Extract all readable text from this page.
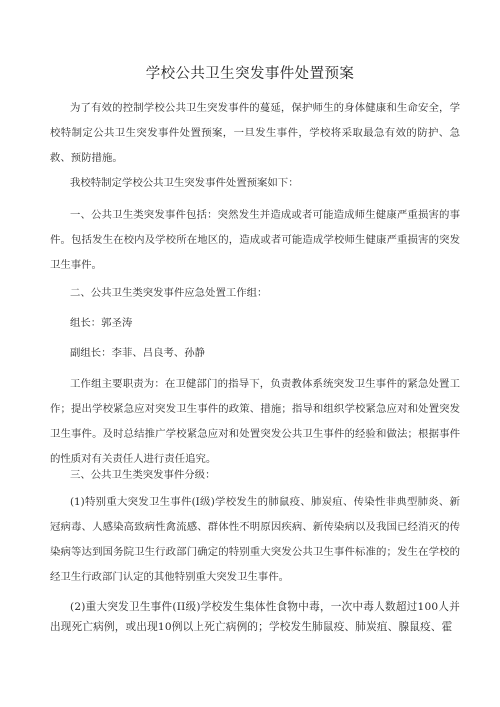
学校公共卫生突发事件处置预案

为了有效的控制学校公共卫生突发事件的蔓延，保护师生的身体健康和生命安全，学校特制定公共卫生突发事件处置预案，一旦发生事件，学校将采取最急有效的防护、急救、预防措施。

我校特制定学校公共卫生突发事件处置预案如下：

一、公共卫生类突发事件包括：突然发生并造成或者可能造成师生健康严重损害的事件。包括发生在校内及学校所在地区的，造成或者可能造成学校师生健康严重损害的突发卫生事件。

二、公共卫生类突发事件应急处置工作组：

组长：郭圣涛

副组长：李菲、吕良考、孙静

工作组主要职责为：在卫健部门的指导下，负责教体系统突发卫生事件的紧急处置工作；提出学校紧急应对突发卫生事件的政策、措施；指导和组织学校紧急应对和处置突发卫生事件。及时总结推广学校紧急应对和处置突发公共卫生事件的经验和做法；根据事件的性质对有关责任人进行责任追究。

三、公共卫生类突发事件分级：

(1)特别重大突发卫生事件(I级)学校发生的肺鼠疫、肺炭疽、传染性非典型肺炎、新冠病毒、人感染高致病性禽流感、群体性不明原因疾病、新传染病以及我国已经消灭的传染病等达到国务院卫生行政部门确定的特别重大突发公共卫生事件标准的；发生在学校的经卫生行政部门认定的其他特别重大突发卫生事件。

(2)重大突发卫生事件(II级)学校发生集体性食物中毒，一次中毒人数超过100人并出现死亡病例，或出现10例以上死亡病例的；学校发生肺鼠疫、肺炭疽、腺鼠疫、霍
